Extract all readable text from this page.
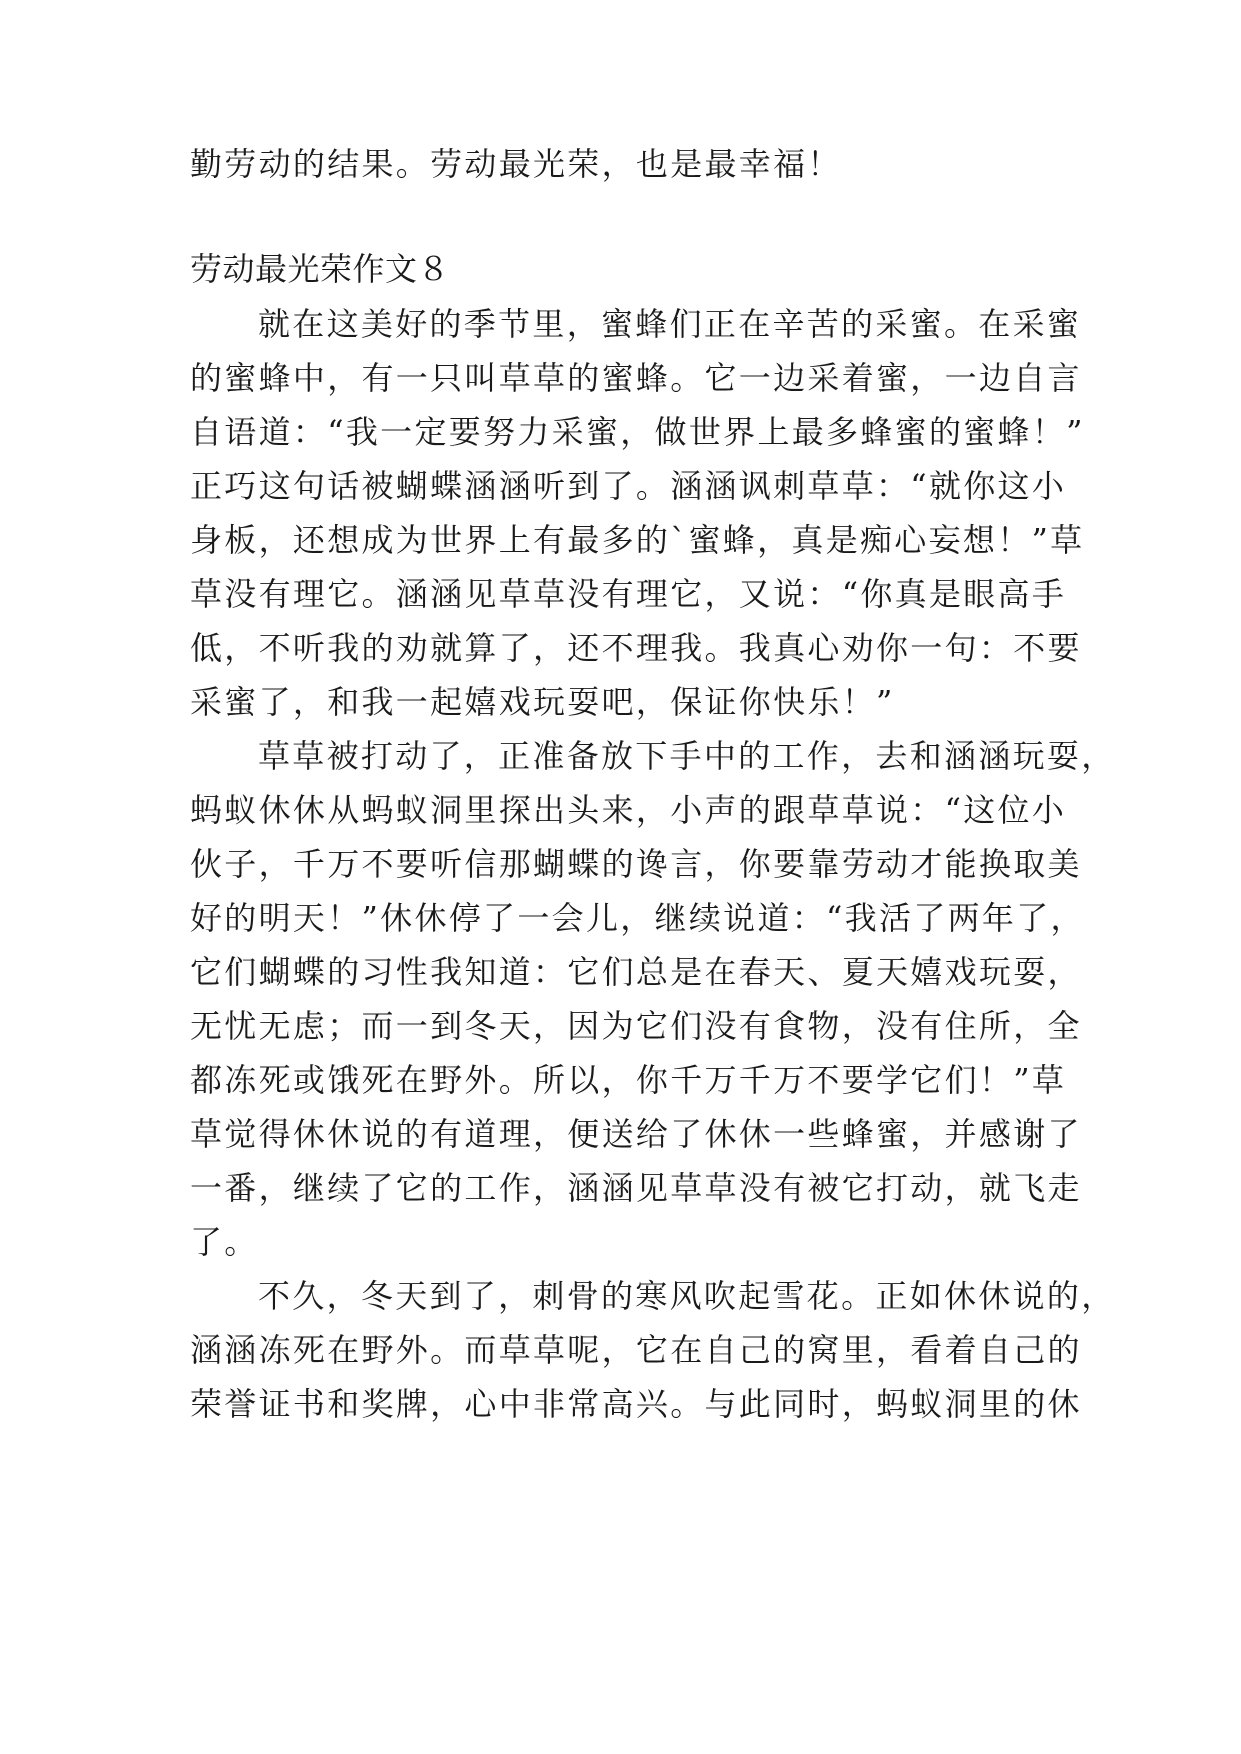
勤劳动的结果。劳动最光荣，也是最幸福！
劳动最光荣作文８
就在这美好的季节里，蜜蜂们正在辛苦的采蜜。在采蜜
的蜜蜂中，有一只叫草草的蜜蜂。它一边采着蜜，一边自言
自语道：“我一定要努力采蜜，做世界上最多蜂蜜的蜜蜂！”
正巧这句话被蝴蝶涵涵听到了。涵涵讽刺草草：“就你这小
身板，还想成为世界上有最多的`蜜蜂，真是痴心妄想！”草
草没有理它。涵涵见草草没有理它，又说：“你真是眼高手
低，不听我的劝就算了，还不理我。我真心劝你一句：不要
采蜜了，和我一起嬉戏玩耍吧，保证你快乐！”
草草被打动了，正准备放下手中的工作，去和涵涵玩耍，
蚂蚁休休从蚂蚁洞里探出头来，小声的跟草草说：“这位小
伙子，千万不要听信那蝴蝶的谗言，你要靠劳动才能换取美
好的明天！”休休停了一会儿，继续说道：“我活了两年了，
它们蝴蝶的习性我知道：它们总是在春天、夏天嬉戏玩耍，
无忧无虑；而一到冬天，因为它们没有食物，没有住所，全
都冻死或饿死在野外。所以，你千万千万不要学它们！”草
草觉得休休说的有道理，便送给了休休一些蜂蜜，并感谢了
一番，继续了它的工作，涵涵见草草没有被它打动，就飞走
了。
不久，冬天到了，刺骨的寒风吹起雪花。正如休休说的，
涵涵冻死在野外。而草草呢，它在自己的窝里，看着自己的
荣誉证书和奖牌，心中非常高兴。与此同时，蚂蚁洞里的休
